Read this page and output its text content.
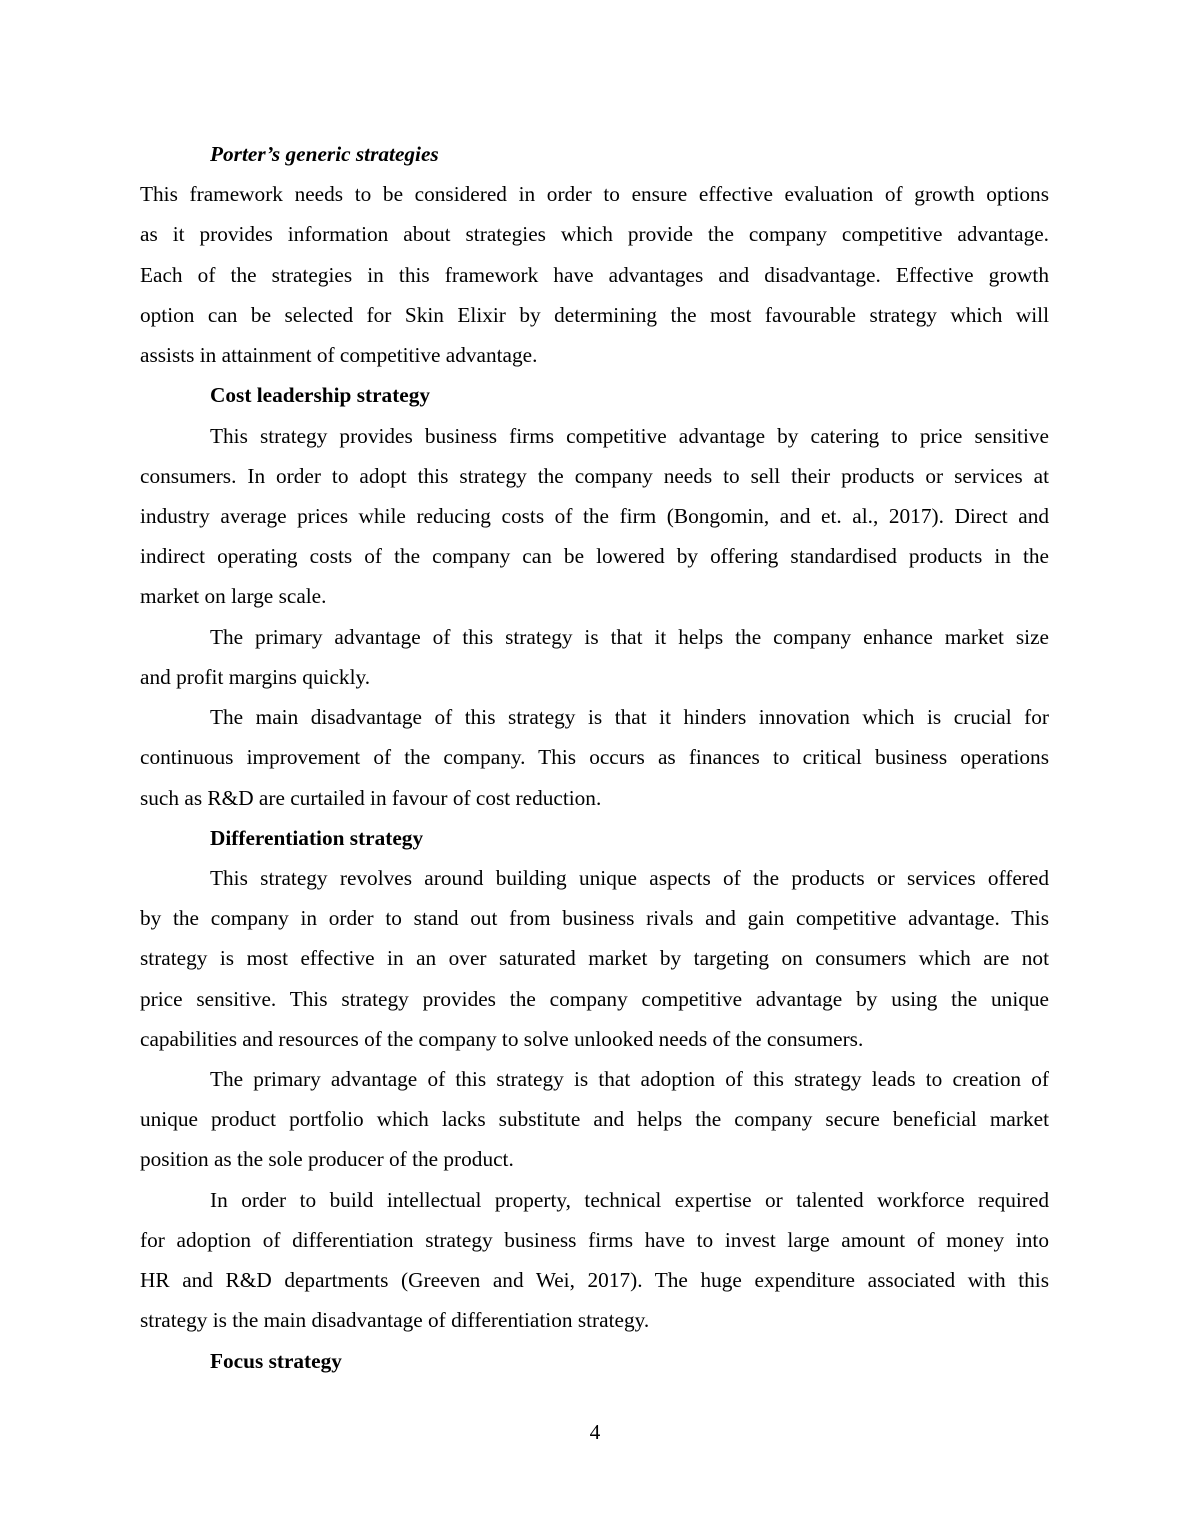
Porter’s generic strategies
This framework needs to be considered in order to ensure effective evaluation of growth options
as it provides information about strategies which provide the company competitive advantage.
Each of the strategies in this framework have advantages and disadvantage. Effective growth
option can be selected for Skin Elixir by determining the most favourable strategy which will
assists in attainment of competitive advantage.
Cost leadership strategy
This strategy provides business firms competitive advantage by catering to price sensitive
consumers. In order to adopt this strategy the company needs to sell their products or services at
industry average prices while reducing costs of the firm (Bongomin, and et. al., 2017). Direct and
indirect operating costs of the company can be lowered by offering standardised products in the
market on large scale.
The primary advantage of this strategy is that it helps the company enhance market size
and profit margins quickly.
The main disadvantage of this strategy is that it hinders innovation which is crucial for
continuous improvement of the company. This occurs as finances to critical business operations
such as R&D are curtailed in favour of cost reduction.
Differentiation strategy
This strategy revolves around building unique aspects of the products or services offered
by the company in order to stand out from business rivals and gain competitive advantage. This
strategy is most effective in an over saturated market by targeting on consumers which are not
price sensitive. This strategy provides the company competitive advantage by using the unique
capabilities and resources of the company to solve unlooked needs of the consumers.
The primary advantage of this strategy is that adoption of this strategy leads to creation of
unique product portfolio which lacks substitute and helps the company secure beneficial market
position as the sole producer of the product.
In order to build intellectual property, technical expertise or talented workforce required
for adoption of differentiation strategy business firms have to invest large amount of money into
HR and R&D departments (Greeven and Wei, 2017). The huge expenditure associated with this
strategy is the main disadvantage of differentiation strategy.
Focus strategy
4
